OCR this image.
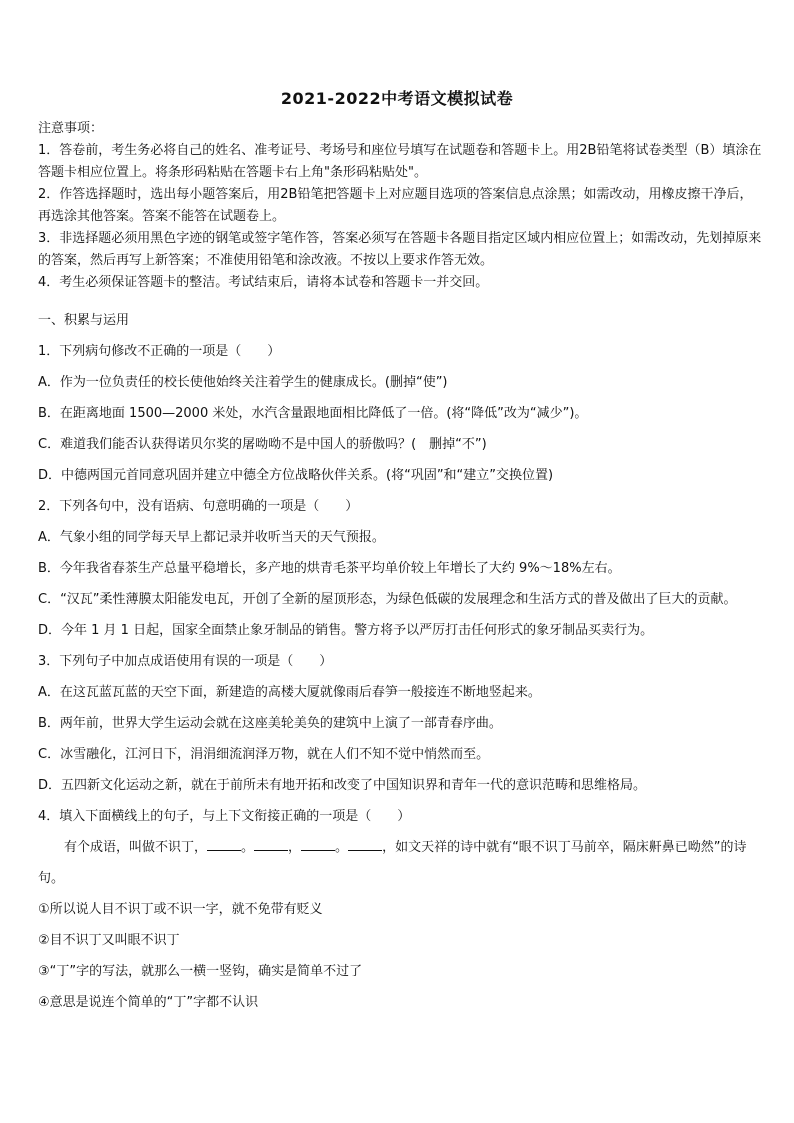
2021-2022中考语文模拟试卷

注意事项：

1．答卷前，考生务必将自己的姓名、准考证号、考场号和座位号填写在试题卷和答题卡上。用2B铅笔将试卷类型（B）填涂在答题卡相应位置上。将条形码粘贴在答题卡右上角"条形码粘贴处"。

2．作答选择题时，选出每小题答案后，用2B铅笔把答题卡上对应题目选项的答案信息点涂黑；如需改动，用橡皮擦干净后，再选涂其他答案。答案不能答在试题卷上。

3．非选择题必须用黑色字迹的钢笔或签字笔作答，答案必须写在答题卡各题目指定区域内相应位置上；如需改动，先划掉原来的答案，然后再写上新答案；不准使用铅笔和涂改液。不按以上要求作答无效。

4．考生必须保证答题卡的整洁。考试结束后，请将本试卷和答题卡一并交回。

一、积累与运用

1．下列病句修改不正确的一项是（　　）

A．作为一位负责任的校长使他始终关注着学生的健康成长。(删掉“使”)

B．在距离地面 1500—2000 米处，水汽含量跟地面相比降低了一倍。(将“降低”改为“减少”)。

C．难道我们能否认获得诺贝尔奖的屠呦呦不是中国人的骄傲吗？(　删掉“不”)

D．中德两国元首同意巩固并建立中德全方位战略伙伴关系。(将“巩固”和“建立”交换位置)

2．下列各句中，没有语病、句意明确的一项是（　　）

A．气象小组的同学每天早上都记录并收听当天的天气预报。

B．今年我省春茶生产总量平稳增长，多产地的烘青毛茶平均单价较上年增长了大约 9%～18%左右。

C．“汉瓦”柔性薄膜太阳能发电瓦，开创了全新的屋顶形态，为绿色低碳的发展理念和生活方式的普及做出了巨大的贡献。

D．今年 1 月 1 日起，国家全面禁止象牙制品的销售。警方将予以严厉打击任何形式的象牙制品买卖行为。

3．下列句子中加点成语使用有误的一项是（　　）

A．在这瓦蓝瓦蓝的天空下面，新建造的高楼大厦就像雨后春笋一般接连不断地竖起来。

B．两年前，世界大学生运动会就在这座美轮美奂的建筑中上演了一部青春序曲。

C．冰雪融化，江河日下，涓涓细流润泽万物，就在人们不知不觉中悄然而至。

D．五四新文化运动之新，就在于前所未有地开拓和改变了中国知识界和青年一代的意识范畴和思维格局。

4．填入下面横线上的句子，与上下文衔接正确的一项是（　　）

有个成语，叫做不识丁，	。	，	。	，如文天祥的诗中就有“眼不识丁马前卒，隔床鼾鼻已呦然”的诗句。

①所以说人目不识丁或不识一字，就不免带有贬义

②目不识丁又叫眼不识丁

③“丁”字的写法，就那么一横一竖钩，确实是简单不过了

④意思是说连个简单的“丁”字都不认识
